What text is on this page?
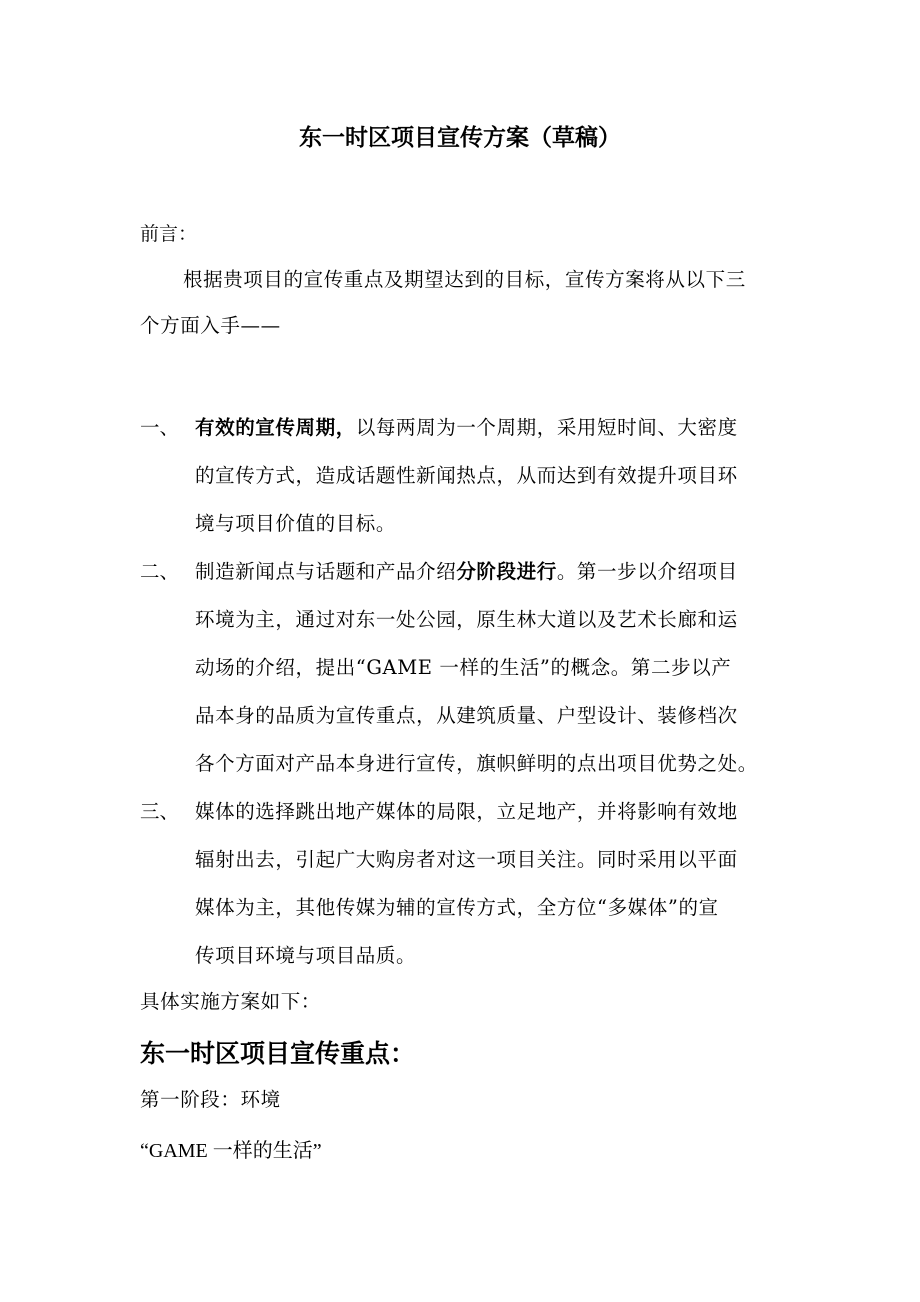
东一时区项目宣传方案（草稿）
前言：
根据贵项目的宣传重点及期望达到的目标，宣传方案将从以下三
个方面入手——
一、 有效的宣传周期，以每两周为一个周期，采用短时间、大密度
的宣传方式，造成话题性新闻热点，从而达到有效提升项目环
境与项目价值的目标。
二、 制造新闻点与话题和产品介绍分阶段进行。第一步以介绍项目
环境为主，通过对东一处公园，原生林大道以及艺术长廊和运
动场的介绍，提出“GAME 一样的生活”的概念。第二步以产
品本身的品质为宣传重点，从建筑质量、户型设计、装修档次
各个方面对产品本身进行宣传，旗帜鲜明的点出项目优势之处。
三、 媒体的选择跳出地产媒体的局限，立足地产，并将影响有效地
辐射出去，引起广大购房者对这一项目关注。同时采用以平面
媒体为主，其他传媒为辅的宣传方式，全方位“多媒体”的宣
传项目环境与项目品质。
具体实施方案如下：
东一时区项目宣传重点：
第一阶段：环境
“GAME 一样的生活”
